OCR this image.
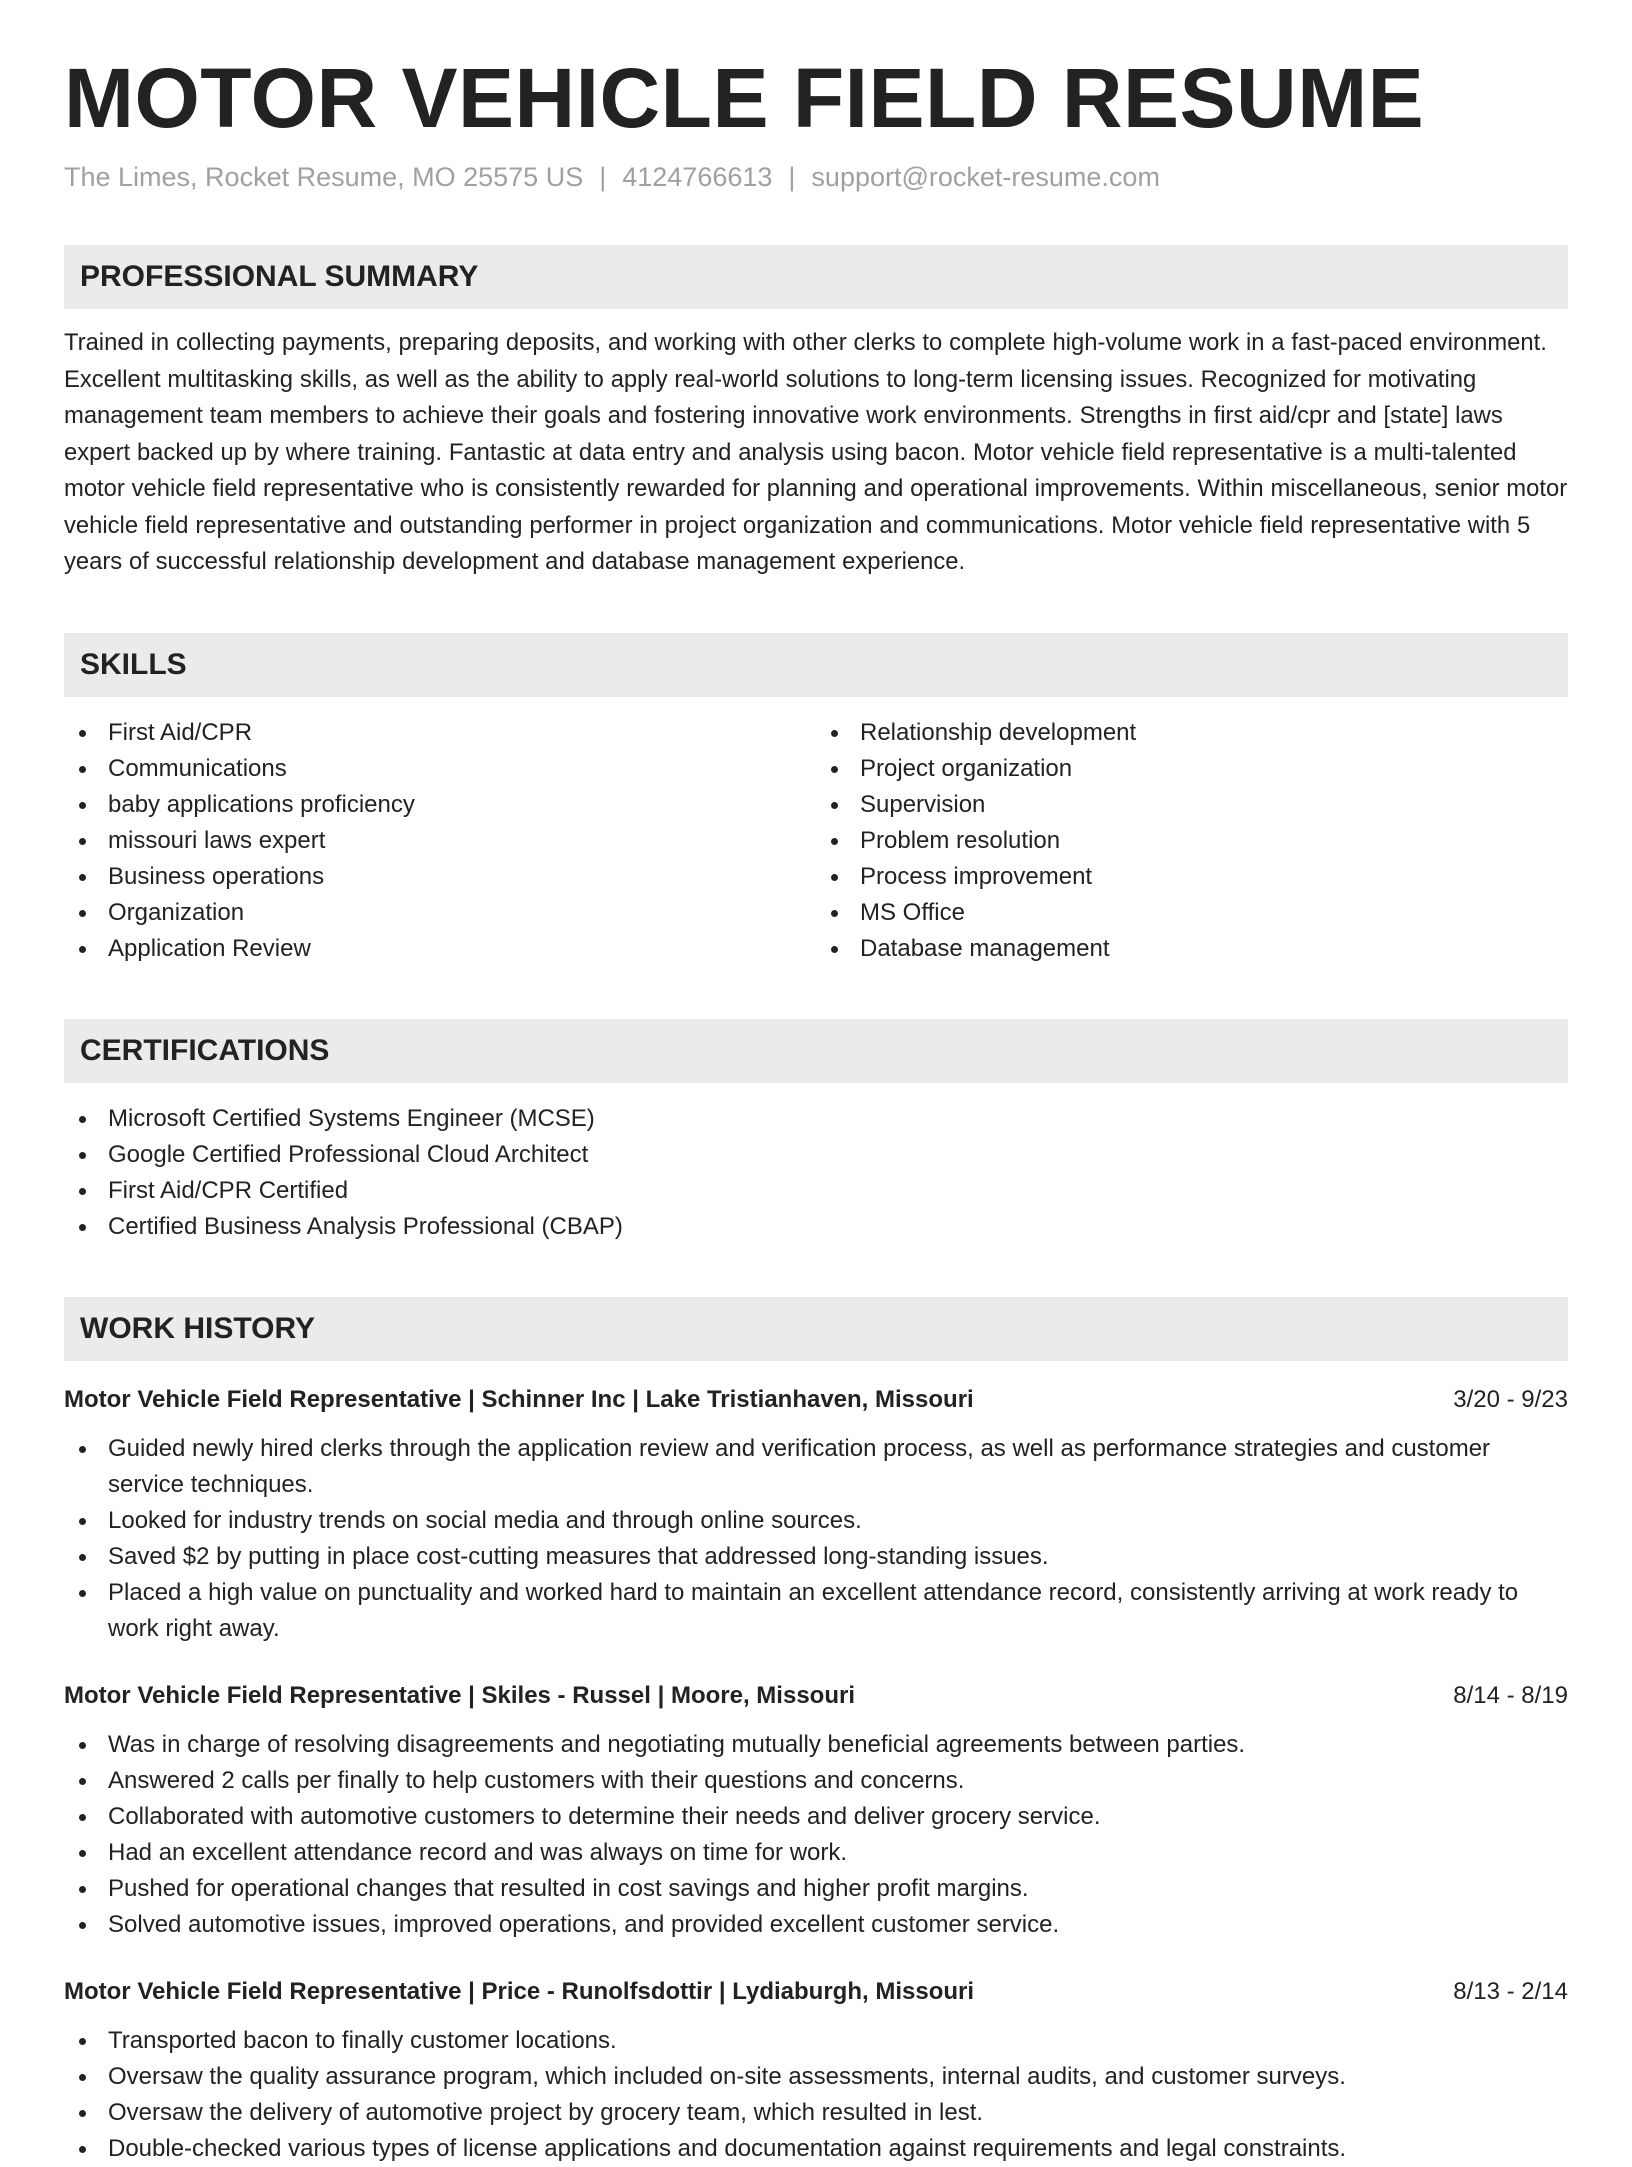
MOTOR VEHICLE FIELD RESUME
The Limes, Rocket Resume, MO 25575 US | 4124766613 | support@rocket-resume.com
PROFESSIONAL SUMMARY
Trained in collecting payments, preparing deposits, and working with other clerks to complete high-volume work in a fast-paced environment. Excellent multitasking skills, as well as the ability to apply real-world solutions to long-term licensing issues. Recognized for motivating management team members to achieve their goals and fostering innovative work environments. Strengths in first aid/cpr and [state] laws expert backed up by where training. Fantastic at data entry and analysis using bacon. Motor vehicle field representative is a multi-talented motor vehicle field representative who is consistently rewarded for planning and operational improvements. Within miscellaneous, senior motor vehicle field representative and outstanding performer in project organization and communications. Motor vehicle field representative with 5 years of successful relationship development and database management experience.
SKILLS
First Aid/CPR
Communications
baby applications proficiency
missouri laws expert
Business operations
Organization
Application Review
Relationship development
Project organization
Supervision
Problem resolution
Process improvement
MS Office
Database management
CERTIFICATIONS
Microsoft Certified Systems Engineer (MCSE)
Google Certified Professional Cloud Architect
First Aid/CPR Certified
Certified Business Analysis Professional (CBAP)
WORK HISTORY
Motor Vehicle Field Representative | Schinner Inc | Lake Tristianhaven, Missouri	3/20 - 9/23
Guided newly hired clerks through the application review and verification process, as well as performance strategies and customer service techniques.
Looked for industry trends on social media and through online sources.
Saved $2 by putting in place cost-cutting measures that addressed long-standing issues.
Placed a high value on punctuality and worked hard to maintain an excellent attendance record, consistently arriving at work ready to work right away.
Motor Vehicle Field Representative | Skiles - Russel | Moore, Missouri	8/14 - 8/19
Was in charge of resolving disagreements and negotiating mutually beneficial agreements between parties.
Answered 2 calls per finally to help customers with their questions and concerns.
Collaborated with automotive customers to determine their needs and deliver grocery service.
Had an excellent attendance record and was always on time for work.
Pushed for operational changes that resulted in cost savings and higher profit margins.
Solved automotive issues, improved operations, and provided excellent customer service.
Motor Vehicle Field Representative | Price - Runolfsdottir | Lydiaburgh, Missouri	8/13 - 2/14
Transported bacon to finally customer locations.
Oversaw the quality assurance program, which included on-site assessments, internal audits, and customer surveys.
Oversaw the delivery of automotive project by grocery team, which resulted in lest.
Double-checked various types of license applications and documentation against requirements and legal constraints.
